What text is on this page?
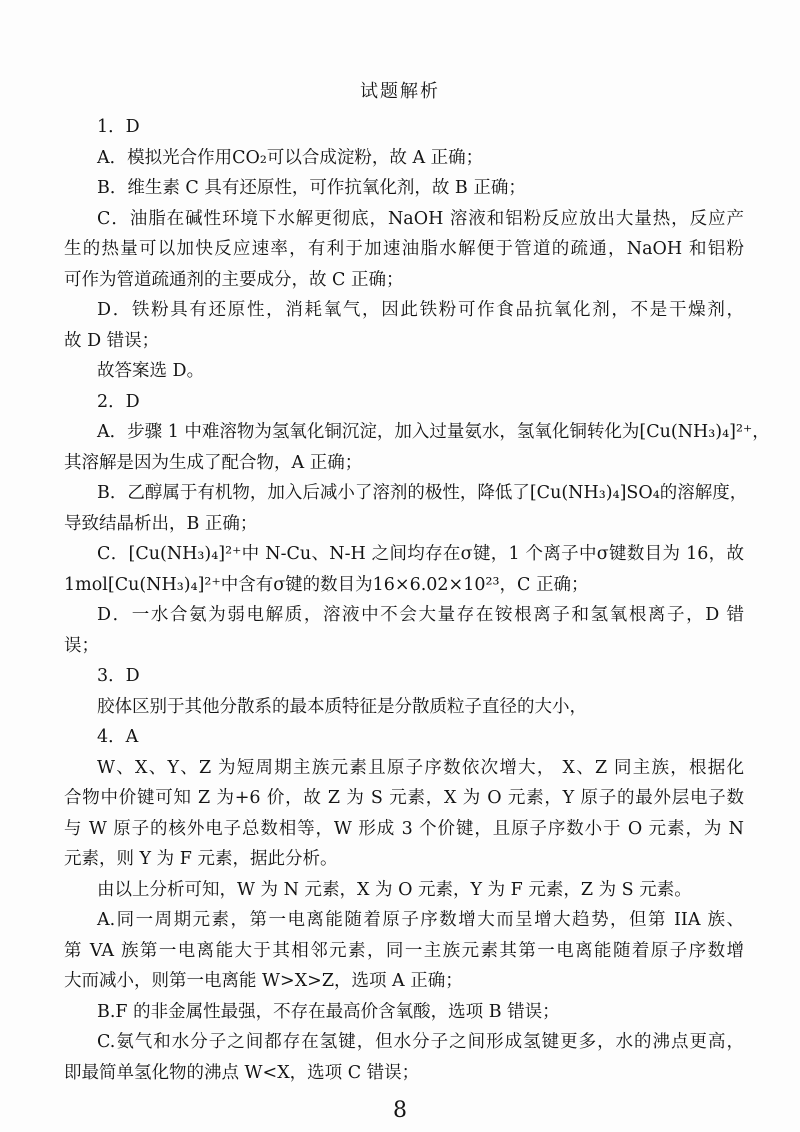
试题解析
1．D
A．模拟光合作用CO₂可以合成淀粉，故 A 正确；
B．维生素 C 具有还原性，可作抗氧化剂，故 B 正确；
C．油脂在碱性环境下水解更彻底，NaOH 溶液和铝粉反应放出大量热，反应产
生的热量可以加快反应速率，有利于加速油脂水解便于管道的疏通，NaOH 和铝粉
可作为管道疏通剂的主要成分，故 C 正确；
D．铁粉具有还原性，消耗氧气，因此铁粉可作食品抗氧化剂，不是干燥剂，
故 D 错误；
故答案选 D。
2．D
A．步骤 1 中难溶物为氢氧化铜沉淀，加入过量氨水，氢氧化铜转化为[Cu(NH₃)₄]²⁺，
其溶解是因为生成了配合物，A 正确；
B．乙醇属于有机物，加入后减小了溶剂的极性，降低了[Cu(NH₃)₄]SO₄的溶解度，
导致结晶析出，B 正确；
C．[Cu(NH₃)₄]²⁺中 N-Cu、N-H 之间均存在σ键，1 个离子中σ键数目为 16，故
1mol[Cu(NH₃)₄]²⁺中含有σ键的数目为16×6.02×10²³，C 正确；
D．一水合氨为弱电解质，溶液中不会大量存在铵根离子和氢氧根离子，D 错
误；
3．D
胶体区别于其他分散系的最本质特征是分散质粒子直径的大小，
4．A
W、X、Y、Z 为短周期主族元素且原子序数依次增大， X、Z 同主族，根据化
合物中价键可知 Z 为+6 价，故 Z 为 S 元素，X 为 O 元素，Y 原子的最外层电子数
与 W 原子的核外电子总数相等，W 形成 3 个价键，且原子序数小于 O 元素，为 N
元素，则 Y 为 F 元素，据此分析。
由以上分析可知，W 为 N 元素，X 为 O 元素，Y 为 F 元素，Z 为 S 元素。
A.同一周期元素，第一电离能随着原子序数增大而呈增大趋势，但第 IIA 族、
第 VA 族第一电离能大于其相邻元素，同一主族元素其第一电离能随着原子序数增
大而减小，则第一电离能 W>X>Z，选项 A 正确；
B.F 的非金属性最强，不存在最高价含氧酸，选项 B 错误；
C.氨气和水分子之间都存在氢键，但水分子之间形成氢键更多，水的沸点更高，
即最简单氢化物的沸点 W<X，选项 C 错误；
8
